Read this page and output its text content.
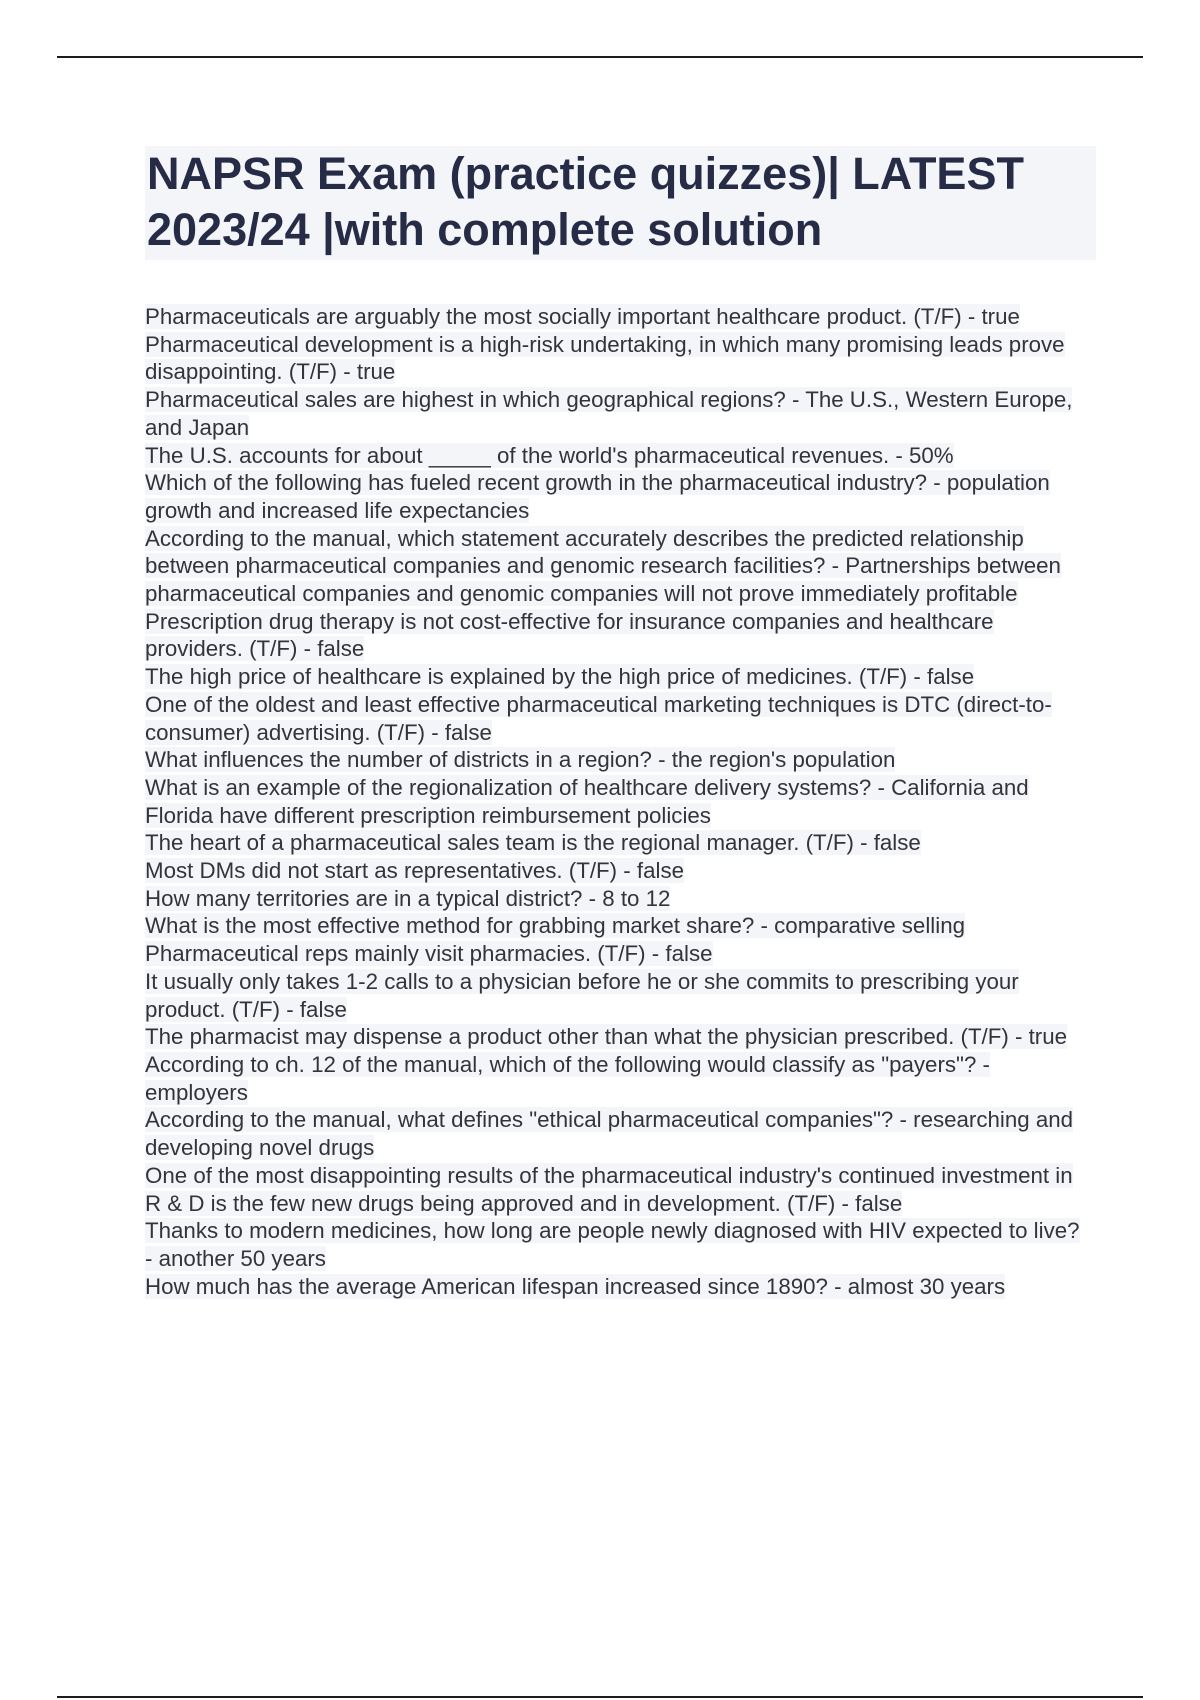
NAPSR Exam (practice quizzes)| LATEST 2023/24 |with complete solution
Pharmaceuticals are arguably the most socially important healthcare product. (T/F) - true
Pharmaceutical development is a high-risk undertaking, in which many promising leads prove disappointing. (T/F) - true
Pharmaceutical sales are highest in which geographical regions? - The U.S., Western Europe, and Japan
The U.S. accounts for about _____ of the world's pharmaceutical revenues. - 50%
Which of the following has fueled recent growth in the pharmaceutical industry? - population growth and increased life expectancies
According to the manual, which statement accurately describes the predicted relationship between pharmaceutical companies and genomic research facilities? - Partnerships between pharmaceutical companies and genomic companies will not prove immediately profitable
Prescription drug therapy is not cost-effective for insurance companies and healthcare providers. (T/F) - false
The high price of healthcare is explained by the high price of medicines. (T/F) - false
One of the oldest and least effective pharmaceutical marketing techniques is DTC (direct-to-consumer) advertising. (T/F) - false
What influences the number of districts in a region? - the region's population
What is an example of the regionalization of healthcare delivery systems? - California and Florida have different prescription reimbursement policies
The heart of a pharmaceutical sales team is the regional manager. (T/F) - false
Most DMs did not start as representatives. (T/F) - false
How many territories are in a typical district? - 8 to 12
What is the most effective method for grabbing market share? - comparative selling
Pharmaceutical reps mainly visit pharmacies. (T/F) - false
It usually only takes 1-2 calls to a physician before he or she commits to prescribing your product. (T/F) - false
The pharmacist may dispense a product other than what the physician prescribed. (T/F) - true
According to ch. 12 of the manual, which of the following would classify as "payers"? - employers
According to the manual, what defines "ethical pharmaceutical companies"? - researching and developing novel drugs
One of the most disappointing results of the pharmaceutical industry's continued investment in R & D is the few new drugs being approved and in development. (T/F) - false
Thanks to modern medicines, how long are people newly diagnosed with HIV expected to live? - another 50 years
How much has the average American lifespan increased since 1890? - almost 30 years
